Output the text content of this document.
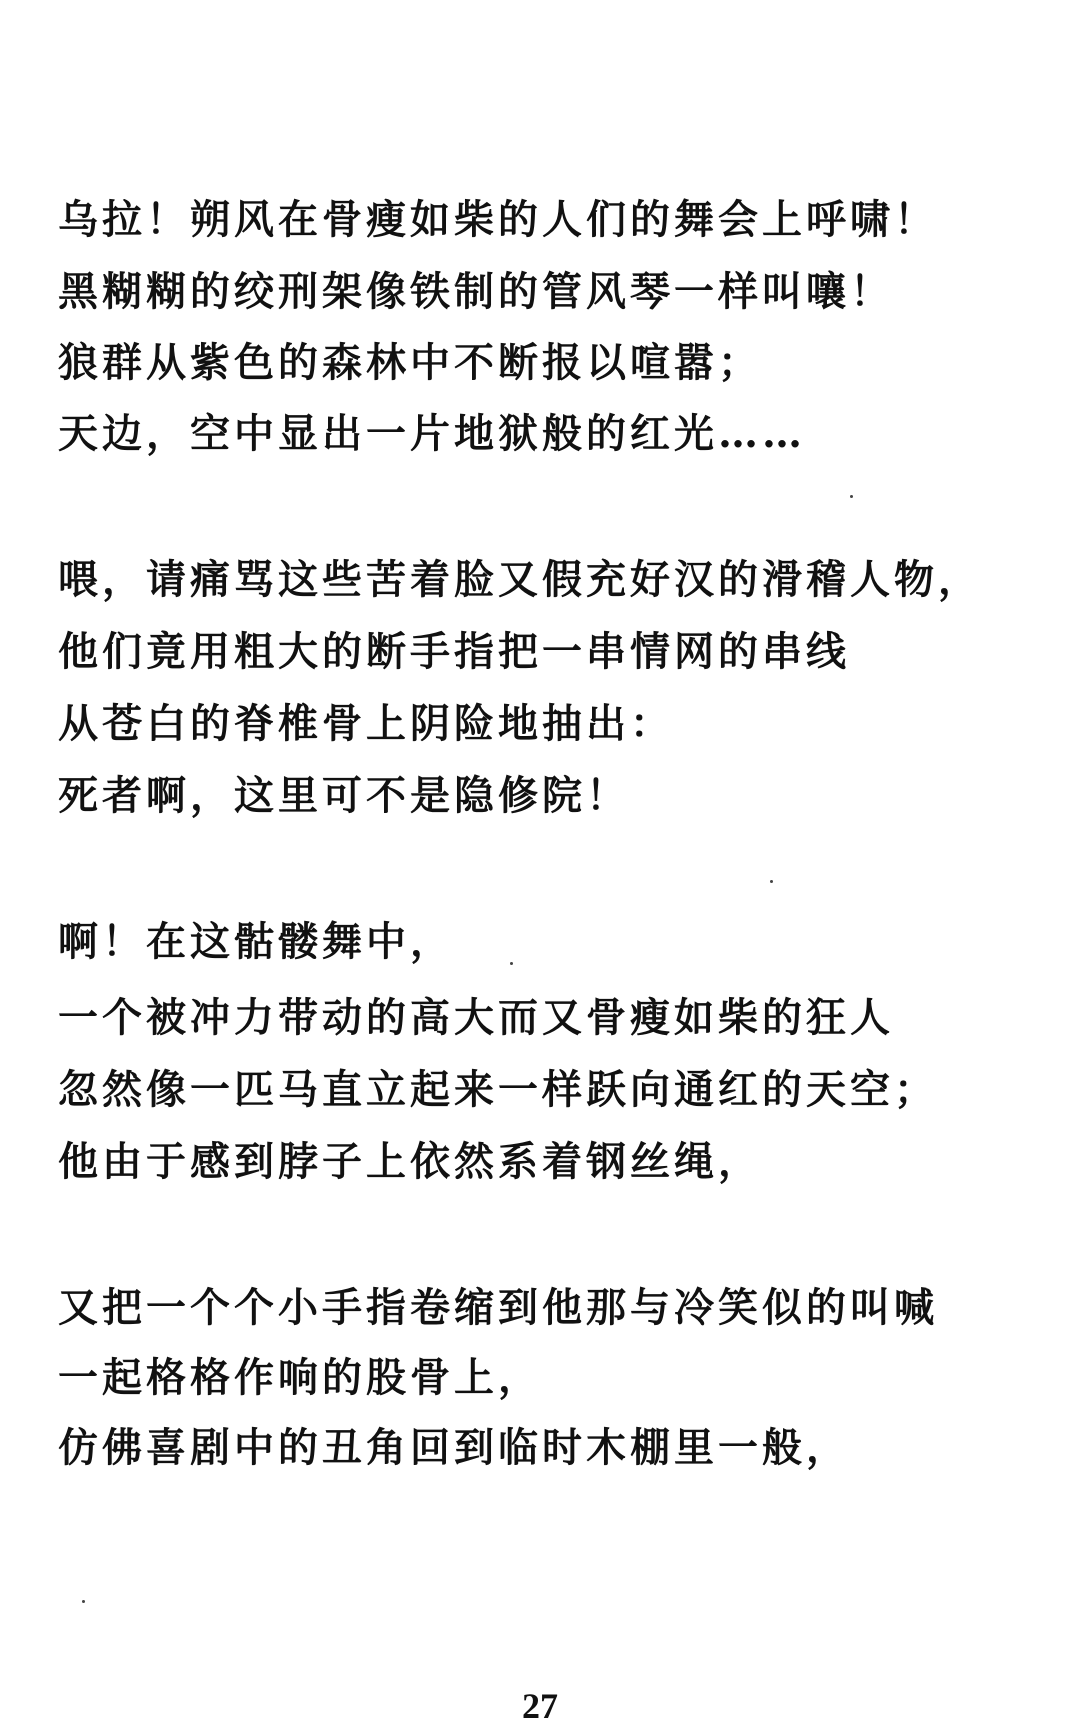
乌拉！朔风在骨瘦如柴的人们的舞会上呼啸！
黑糊糊的绞刑架像铁制的管风琴一样叫嚷！
狼群从紫色的森林中不断报以喧嚣；
天边，空中显出一片地狱般的红光……
喂，请痛骂这些苦着脸又假充好汉的滑稽人物，
他们竟用粗大的断手指把一串情网的串线
从苍白的脊椎骨上阴险地抽出：
死者啊，这里可不是隐修院！
啊！在这骷髅舞中，
一个被冲力带动的高大而又骨瘦如柴的狂人
忽然像一匹马直立起来一样跃向通红的天空；
他由于感到脖子上依然系着钢丝绳，
又把一个个小手指卷缩到他那与冷笑似的叫喊
一起格格作响的股骨上，
仿佛喜剧中的丑角回到临时木棚里一般，
27
